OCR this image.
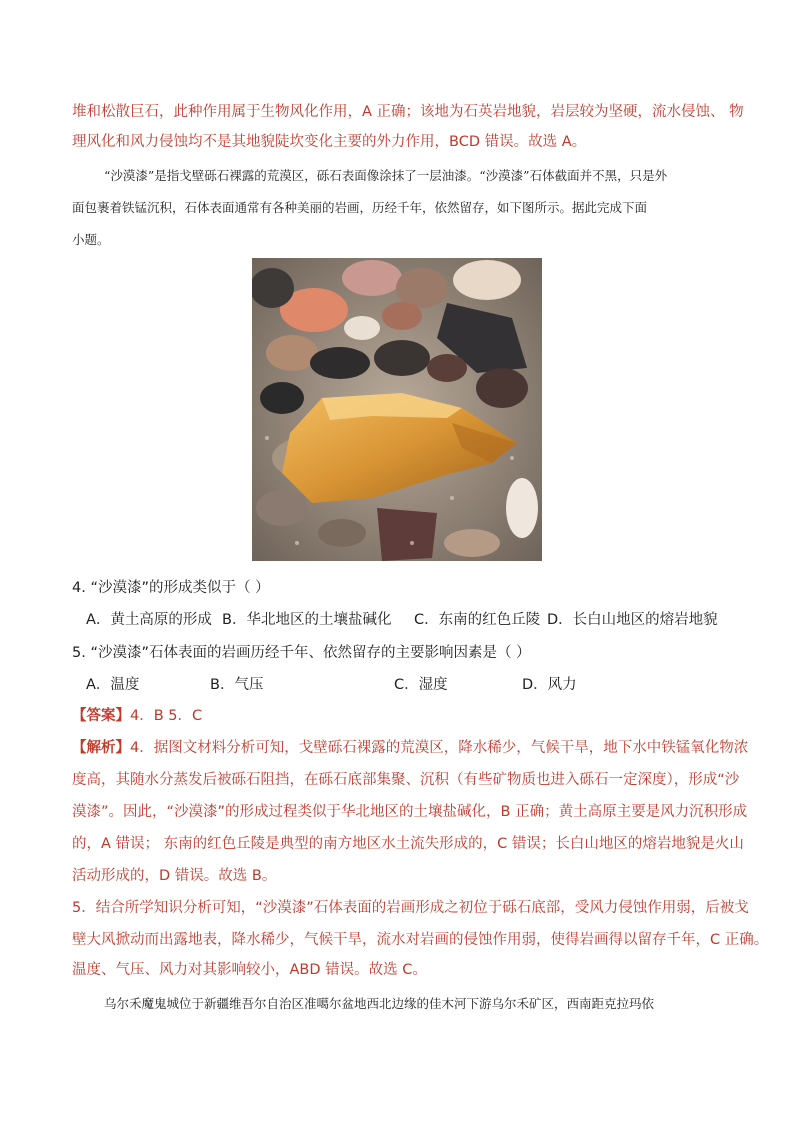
堆和松散巨石，此种作用属于生物风化作用，A 正确；该地为石英岩地貌，岩层较为坚硬，流水侵蚀、 物
理风化和风力侵蚀均不是其地貌陡坎变化主要的外力作用，BCD 错误。故选 A。
“沙漠漆”是指戈壁砾石裸露的荒漠区，砾石表面像涂抹了一层油漆。“沙漠漆”石体截面并不黑，只是外
面包裹着铁锰沉积，石体表面通常有各种美丽的岩画，历经千年，依然留存，如下图所示。据此完成下面
小题。
4. “沙漠漆”的形成类似于（ ）
A．黄土高原的形成 B．华北地区的土壤盐碱化 C．东南的红色丘陵 D．长白山地区的熔岩地貌
5. “沙漠漆”石体表面的岩画历经千年、依然留存的主要影响因素是（ ）
A．温度	B．气压	C．湿度	D．风力
【答案】4．B 5．C
【解析】4．据图文材料分析可知，戈壁砾石裸露的荒漠区，降水稀少，气候干旱，地下水中铁锰氧化物浓
度高，其随水分蒸发后被砾石阻挡，在砾石底部集聚、沉积（有些矿物质也进入砾石一定深度），形成“沙
漠漆”。因此，“沙漠漆”的形成过程类似于华北地区的土壤盐碱化，B 正确；黄土高原主要是风力沉积形成
的，A 错误； 东南的红色丘陵是典型的南方地区水土流失形成的，C 错误；长白山地区的熔岩地貌是火山
活动形成的，D 错误。故选 B。
5．结合所学知识分析可知，“沙漠漆”石体表面的岩画形成之初位于砾石底部，受风力侵蚀作用弱，后被戈
壁大风掀动而出露地表，降水稀少，气候干旱，流水对岩画的侵蚀作用弱，使得岩画得以留存千年，C 正确。
温度、气压、风力对其影响较小，ABD 错误。故选 C。
乌尔禾魔鬼城位于新疆维吾尔自治区准噶尔盆地西北边缘的佳木河下游乌尔禾矿区，西南距克拉玛依
